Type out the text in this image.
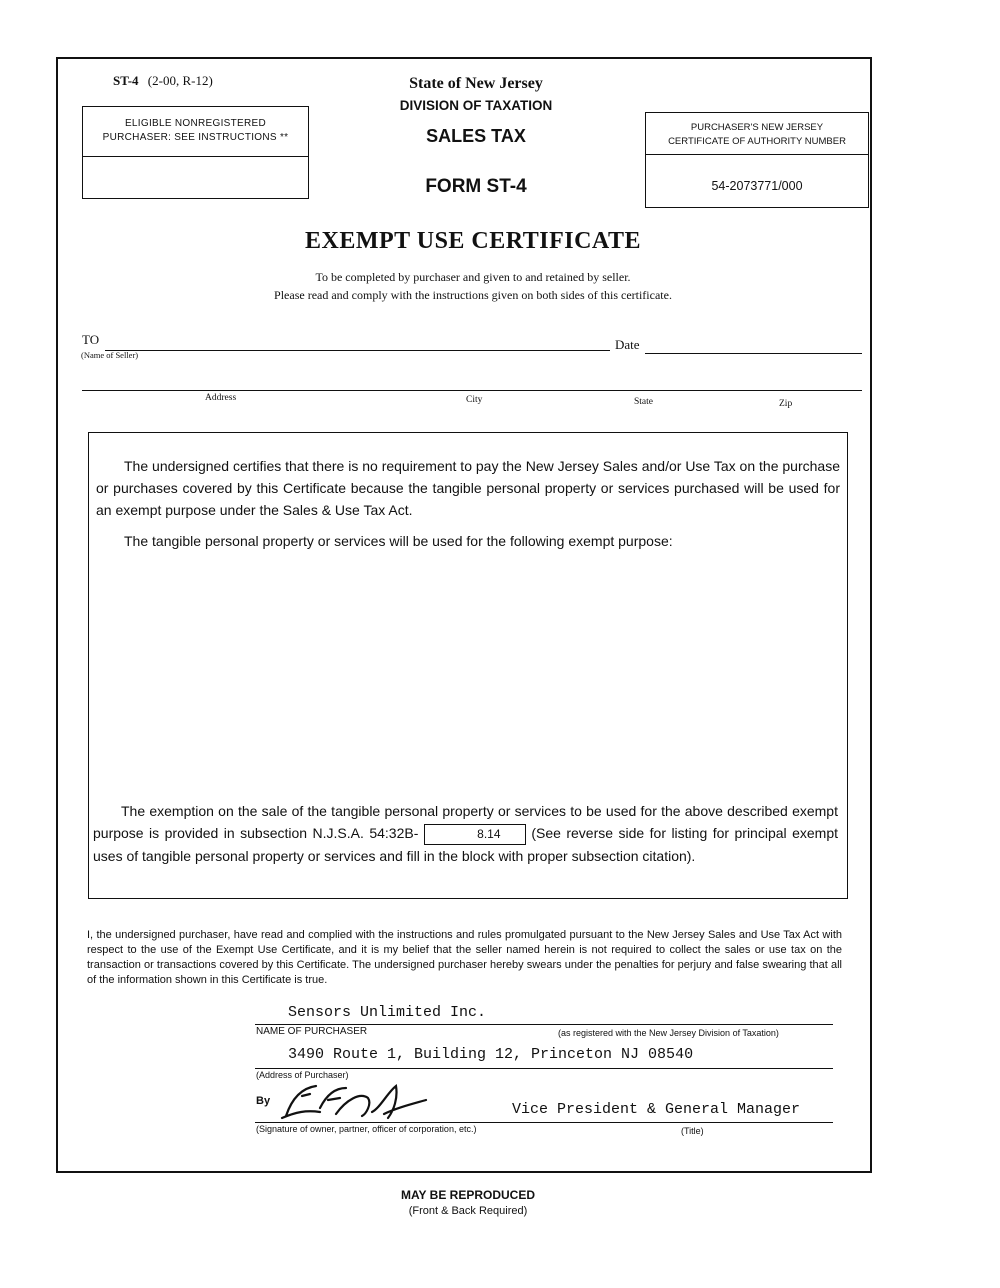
ST-4 (2-00, R-12)
ELIGIBLE NONREGISTERED
PURCHASER: SEE INSTRUCTIONS **
State of New Jersey
DIVISION OF TAXATION
SALES TAX
FORM ST-4
PURCHASER'S NEW JERSEY
CERTIFICATE OF AUTHORITY NUMBER
54-2073771/000
EXEMPT USE CERTIFICATE
To be completed by purchaser and given to and retained by seller.
Please read and comply with the instructions given on both sides of this certificate.
TO
(Name of Seller)
Date
Address	City	State	Zip
The undersigned certifies that there is no requirement to pay the New Jersey Sales and/or Use Tax on the purchase or purchases covered by this Certificate because the tangible personal property or services purchased will be used for an exempt purpose under the Sales & Use Tax Act.
The tangible personal property or services will be used for the following exempt purpose:
The exemption on the sale of the tangible personal property or services to be used for the above described exempt purpose is provided in subsection N.J.S.A. 54:32B-	8.14 (See reverse side for listing for principal exempt uses of tangible personal property or services and fill in the block with proper subsection citation).
I, the undersigned purchaser, have read and complied with the instructions and rules promulgated pursuant to the New Jersey Sales and Use Tax Act with respect to the use of the Exempt Use Certificate, and it is my belief that the seller named herein is not required to collect the sales or use tax on the transaction or transactions covered by this Certificate. The undersigned purchaser hereby swears under the penalties for perjury and false swearing that all of the information shown in this Certificate is true.
Sensors Unlimited Inc.
NAME OF PURCHASER	(as registered with the New Jersey Division of Taxation)
3490 Route 1, Building 12, Princeton NJ 08540
(Address of Purchaser)
By	Vice President & General Manager
(Signature of owner, partner, officer of corporation, etc.)	(Title)
MAY BE REPRODUCED
(Front & Back Required)
